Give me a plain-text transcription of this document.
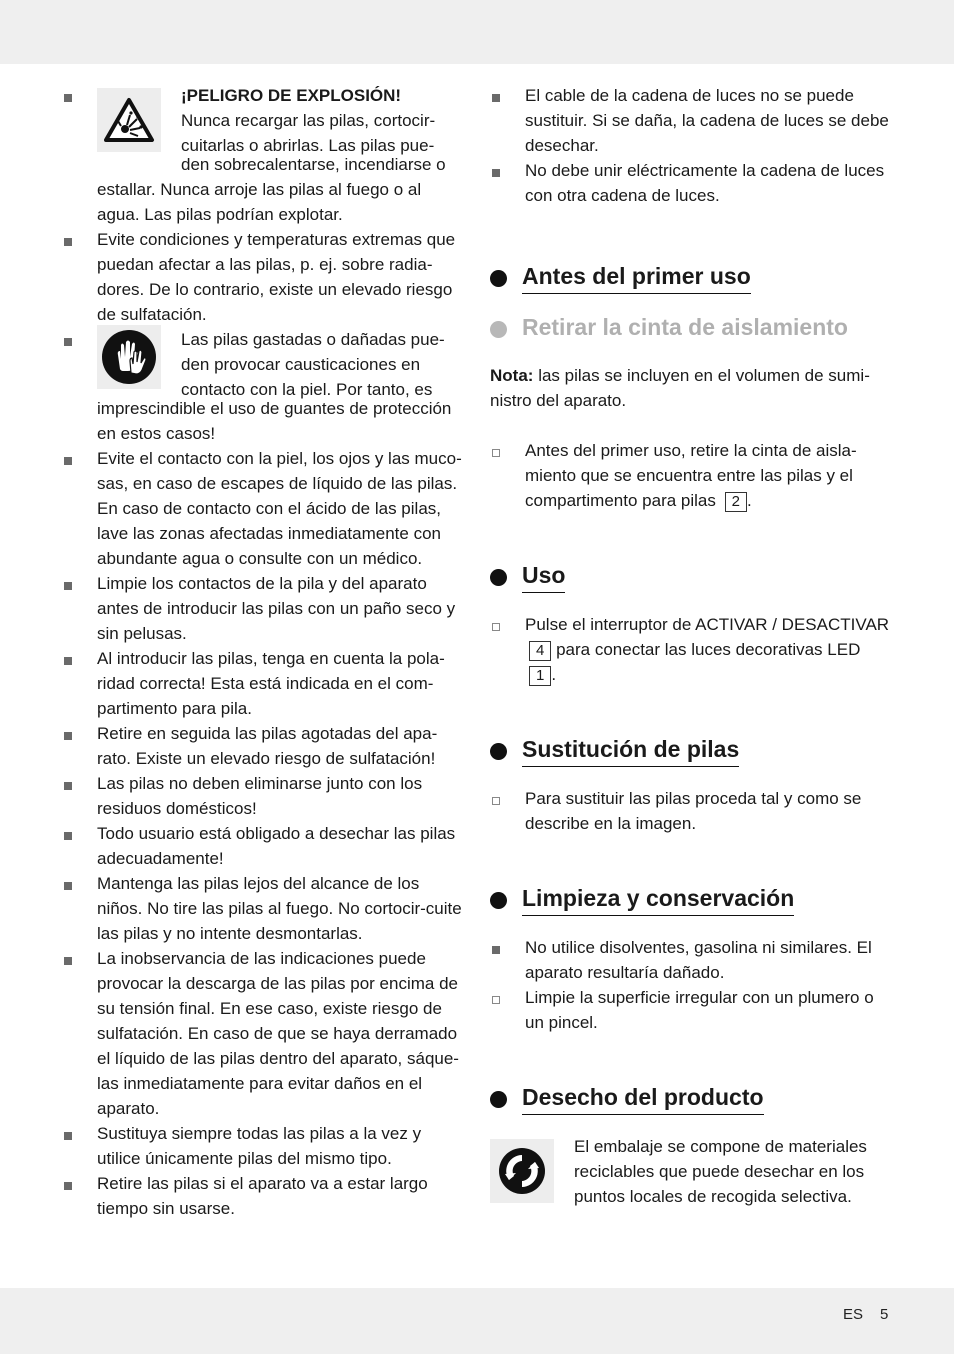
¡PELIGRO DE EXPLOSIÓN!
Nunca recargar las pilas, cortocir-cuitarlas o abrirlas. Las pilas pue-
den sobrecalentarse, incendiarse o estallar. Nunca arroje las pilas al fuego o al agua. Las pilas podrían explotar.
Evite condiciones y temperaturas extremas que puedan afectar a las pilas, p. ej. sobre radia-dores. De lo contrario, existe un elevado riesgo de sulfatación.
Las pilas gastadas o dañadas pue-den provocar causticaciones en contacto con la piel. Por tanto, es
imprescindible el uso de guantes de protección en estos casos!
Evite el contacto con la piel, los ojos y las muco-sas, en caso de escapes de líquido de las pilas. En caso de contacto con el ácido de las pilas, lave las zonas afectadas inmediatamente con abundante agua o consulte con un médico.
Limpie los contactos de la pila y del aparato antes de introducir las pilas con un paño seco y sin pelusas.
Al introducir las pilas, tenga en cuenta la pola-ridad correcta! Esta está indicada en el com-partimento para pila.
Retire en seguida las pilas agotadas del apa-rato. Existe un elevado riesgo de sulfatación!
Las pilas no deben eliminarse junto con los residuos domésticos!
Todo usuario está obligado a desechar las pilas adecuadamente!
Mantenga las pilas lejos del alcance de los niños. No tire las pilas al fuego. No cortocir-cuite las pilas y no intente desmontarlas.
La inobservancia de las indicaciones puede provocar la descarga de las pilas por encima de su tensión final. En ese caso, existe riesgo de sulfatación. En caso de que se haya derramado el líquido de las pilas dentro del aparato, sáque-las inmediatamente para evitar daños en el aparato.
Sustituya siempre todas las pilas a la vez y utilice únicamente pilas del mismo tipo.
Retire las pilas si el aparato va a estar largo tiempo sin usarse.
El cable de la cadena de luces no se puede sustituir. Si se daña, la cadena de luces se debe desechar.
No debe unir eléctricamente la cadena de luces con otra cadena de luces.
Antes del primer uso
Retirar la cinta de aislamiento
Nota: las pilas se incluyen en el volumen de sumi-nistro del aparato.
Antes del primer uso, retire la cinta de aisla-miento que se encuentra entre las pilas y el compartimento para pilas 2 .
Uso
Pulse el interruptor de ACTIVAR / DESACTIVAR 4 para conectar las luces decorativas LED 1 .
Sustitución de pilas
Para sustituir las pilas proceda tal y como se describe en la imagen.
Limpieza y conservación
No utilice disolventes, gasolina ni similares. El aparato resultaría dañado.
Limpie la superficie irregular con un plumero o un pincel.
Desecho del producto
El embalaje se compone de materiales reciclables que puede desechar en los puntos locales de recogida selectiva.
ES 5
